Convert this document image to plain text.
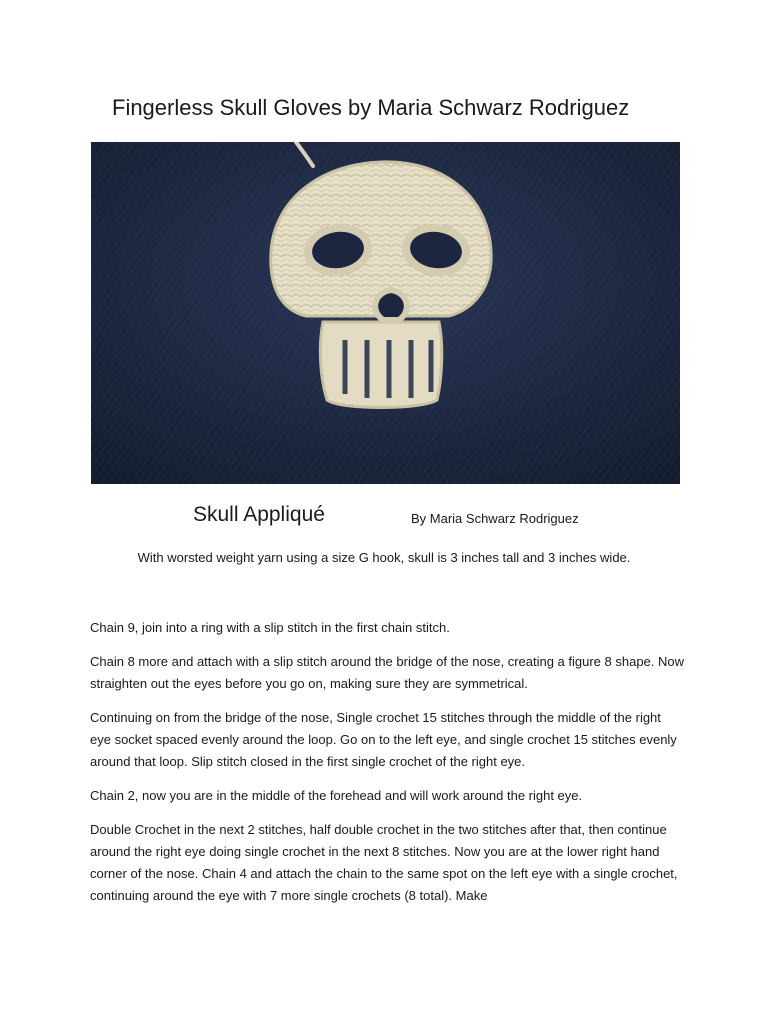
Fingerless Skull Gloves by Maria Schwarz Rodriguez
Skull Appliqué	By Maria Schwarz Rodriguez
With worsted weight yarn using a size G hook, skull is 3 inches tall and 3 inches wide.

Chain 9, join into a ring with a slip stitch in the first chain stitch.

Chain 8 more and attach with a slip stitch around the bridge of the nose, creating a figure 8 shape. Now straighten out the eyes before you go on, making sure they are symmetrical.

Continuing on from the bridge of the nose, Single crochet 15 stitches through the middle of the right eye socket spaced evenly around the loop. Go on to the left eye, and single crochet 15 stitches evenly around that loop. Slip stitch closed in the first single crochet of the right eye.

Chain 2, now you are in the middle of the forehead and will work around the right eye.

Double Crochet in the next 2 stitches, half double crochet in the two stitches after that, then continue around the right eye doing single crochet in the next 8 stitches. Now you are at the lower right hand corner of the nose. Chain 4 and attach the chain to the same spot on the left eye with a single crochet, continuing around the eye with 7 more single crochets (8 total). Make
